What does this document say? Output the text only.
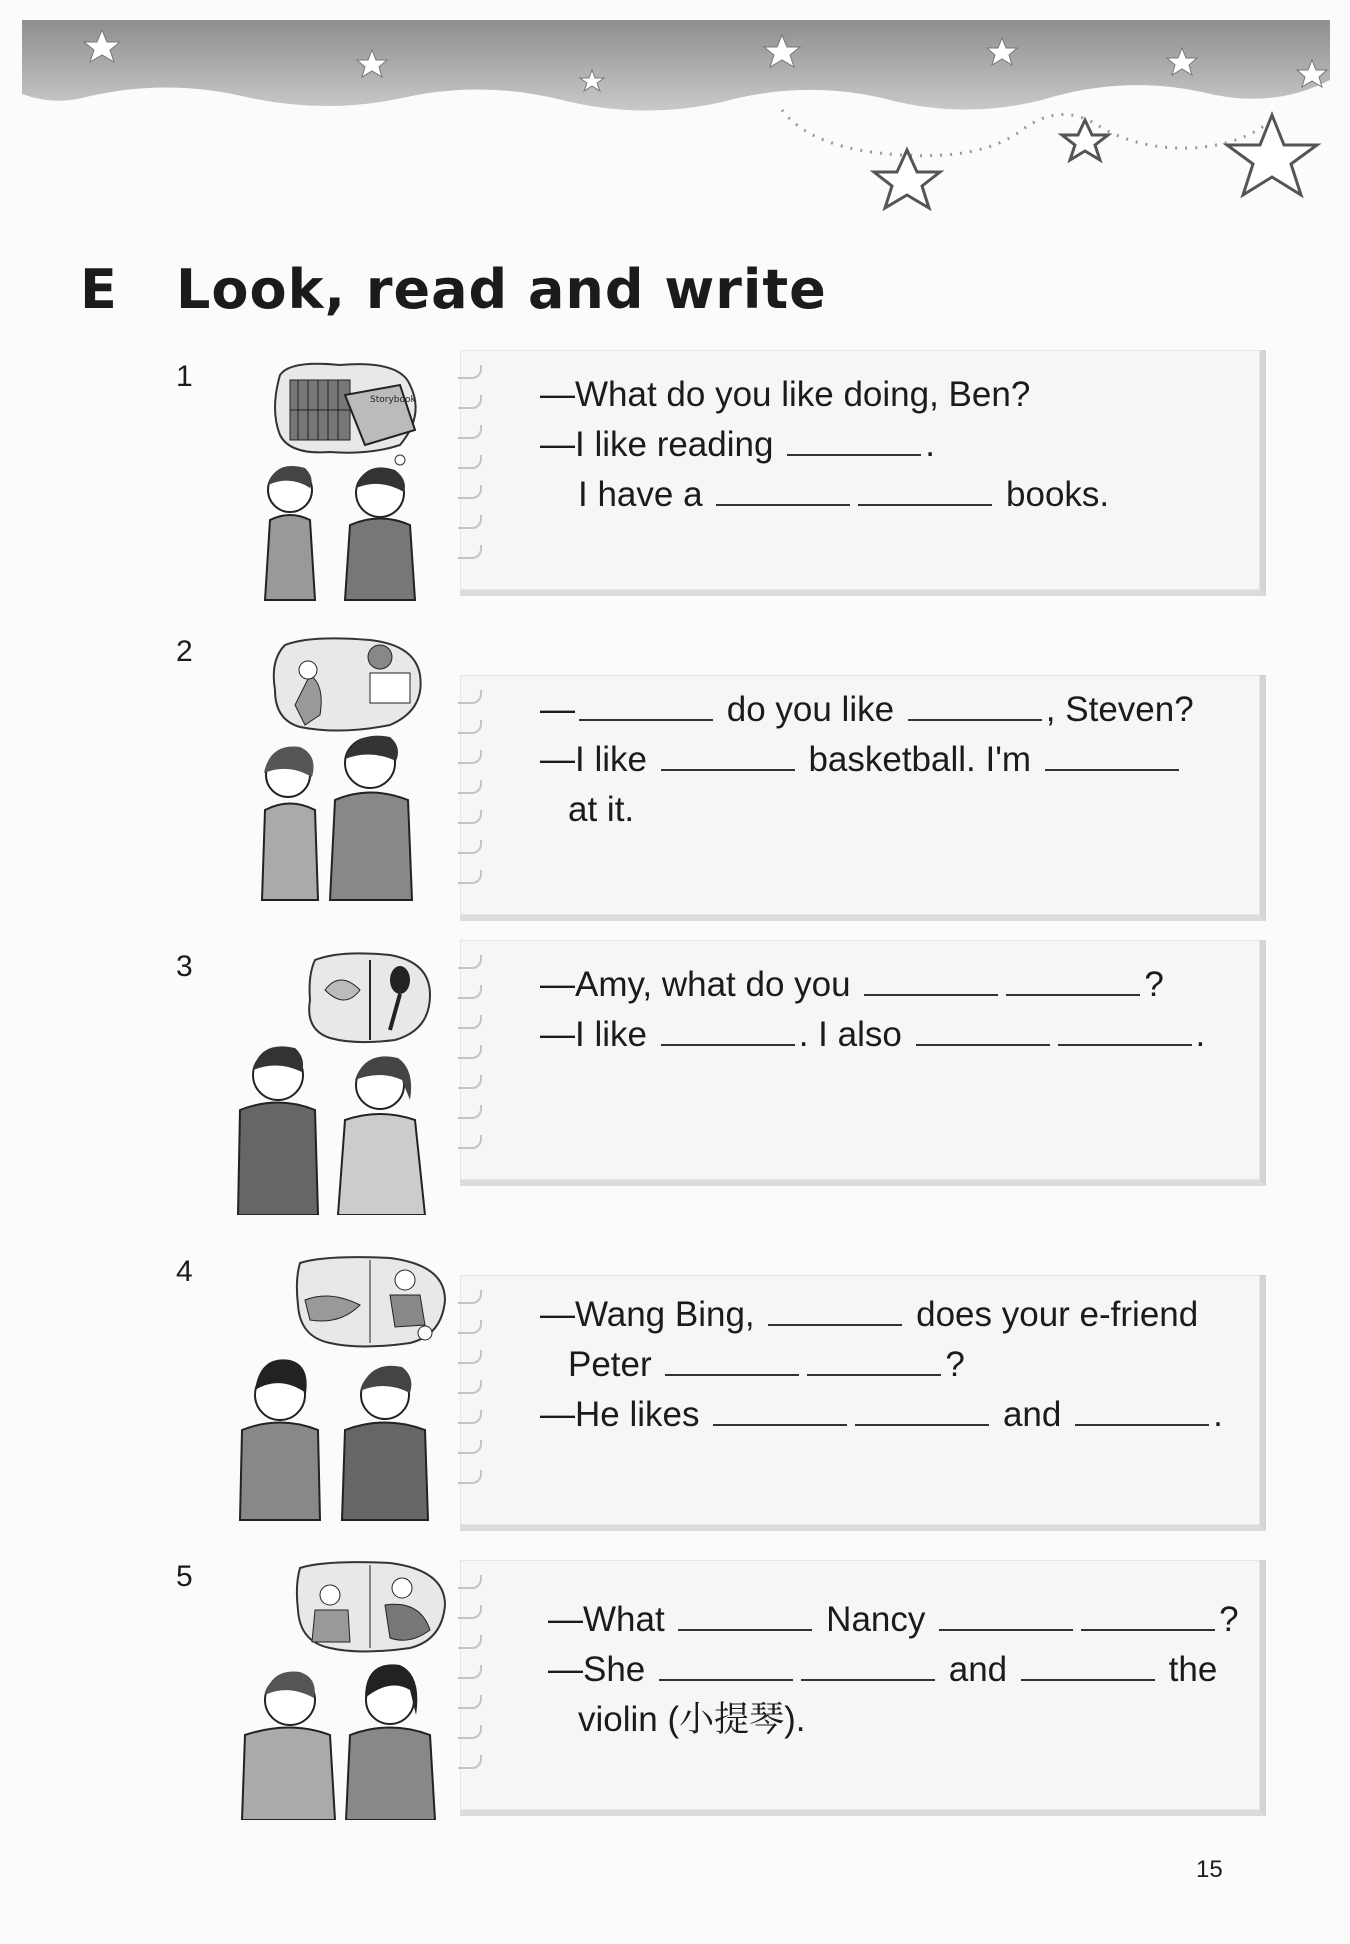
E Look, read and write
1
Storybook	—What do you like doing, Ben?
—I like reading	.
I have a	books.
2
—	do you like	, Steven?
—I like	basketball. I'm
at it.
3	—Amy, what do you	?
—I like	. I also	.
4
—Wang Bing,	does your e-friend
Peter	?
—He likes	and	.
5
—What	Nancy	?
—She	and	the
violin (小提琴).
15
